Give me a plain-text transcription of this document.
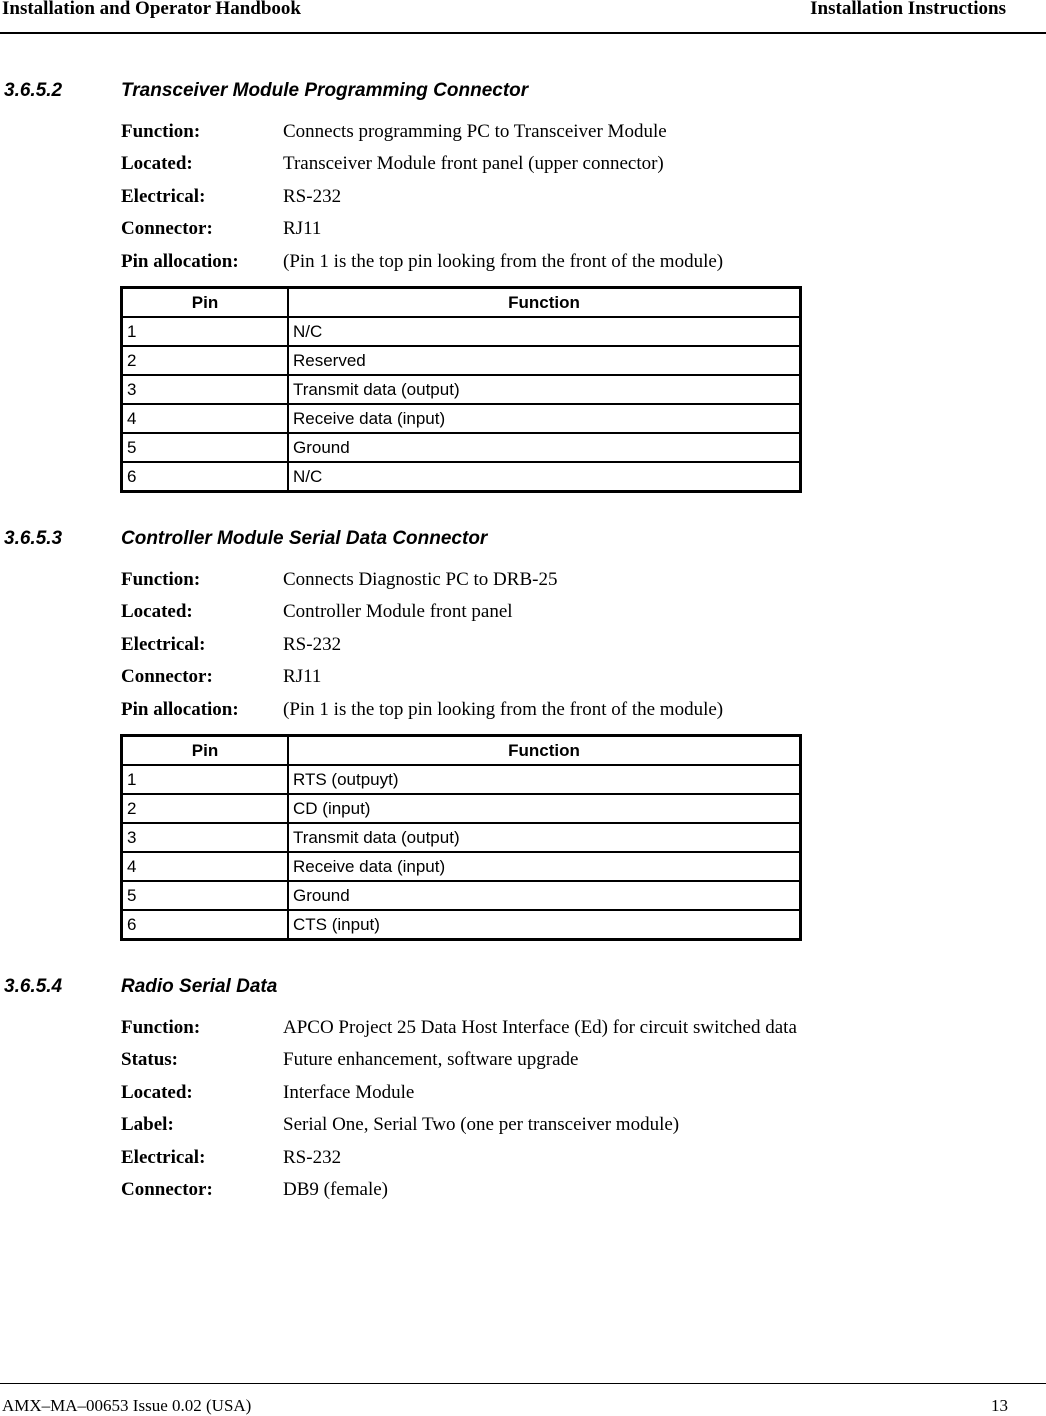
Installation and Operator Handbook	Installation Instructions
3.6.5.2	Transceiver Module Programming Connector
Function:	Connects programming PC to Transceiver Module
Located:	Transceiver Module front panel (upper connector)
Electrical:	RS-232
Connector:	RJ11
Pin allocation: (Pin 1 is the top pin looking from the front of the module)
Pin	Function
1	N/C
2	Reserved
3	Transmit data (output)
4	Receive data (input)
5	Ground
6	N/C
3.6.5.3	Controller Module Serial Data Connector
Function:	Connects Diagnostic PC to DRB-25
Located:	Controller Module front panel
Electrical:	RS-232
Connector:	RJ11
Pin allocation: (Pin 1 is the top pin looking from the front of the module)
Pin	Function
1	RTS (outpuyt)
2	CD (input)
3	Transmit data (output)
4	Receive data (input)
5	Ground
6	CTS (input)
3.6.5.4	Radio Serial Data
Function:	APCO Project 25 Data Host Interface (Ed) for circuit switched data
Status:	Future enhancement, software upgrade
Located:	Interface Module
Label:	Serial One, Serial Two (one per transceiver module)
Electrical:	RS-232
Connector:	DB9 (female)
AMX–MA–00653 Issue 0.02 (USA)	13
